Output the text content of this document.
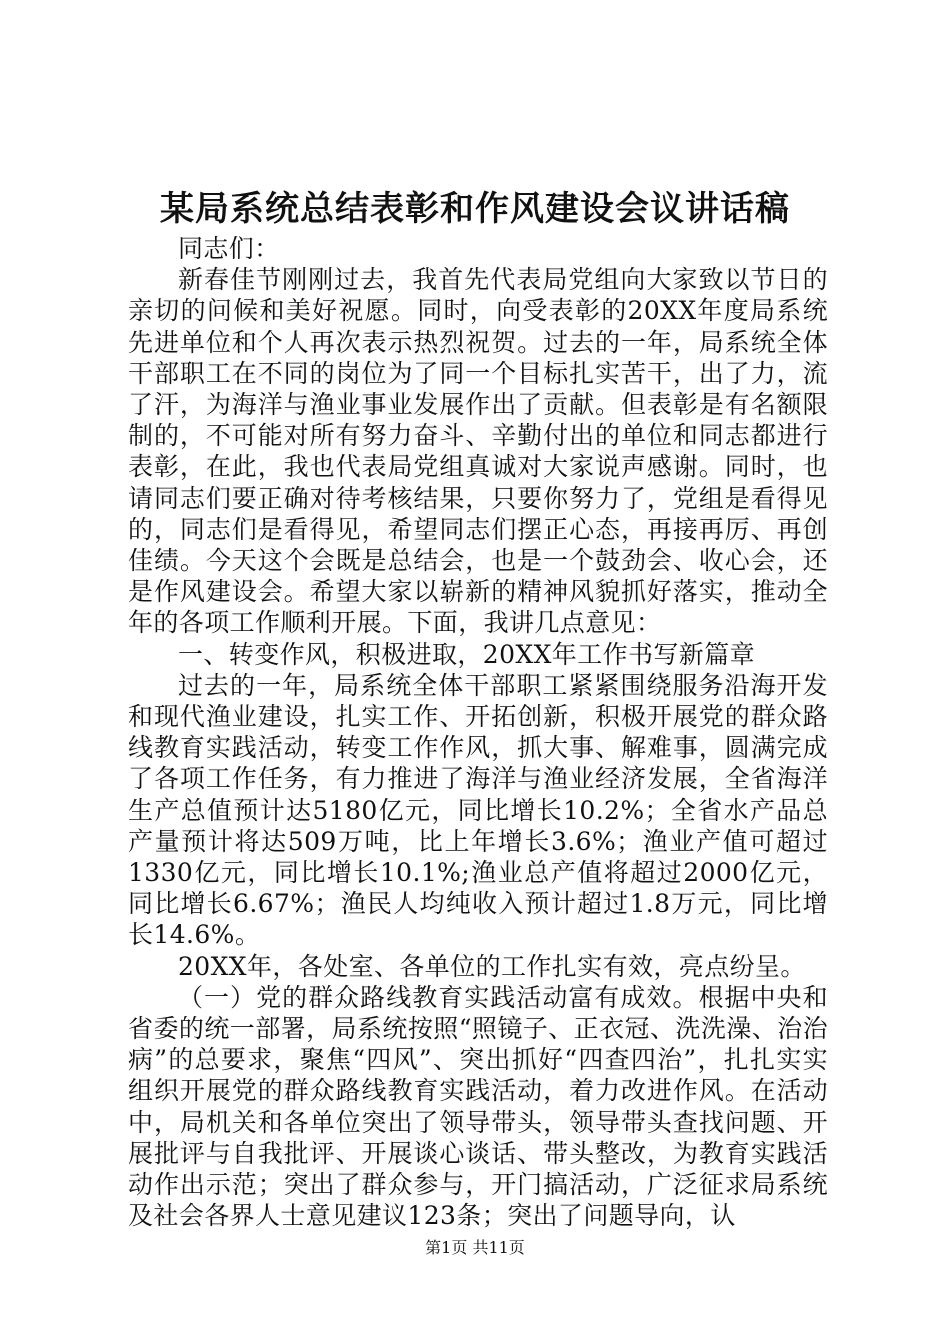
某局系统总结表彰和作风建设会议讲话稿

同志们：

新春佳节刚刚过去，我首先代表局党组向大家致以节日的亲切的问候和美好祝愿。同时，向受表彰的20XX年度局系统先进单位和个人再次表示热烈祝贺。过去的一年，局系统全体干部职工在不同的岗位为了同一个目标扎实苦干，出了力，流了汗，为海洋与渔业事业发展作出了贡献。但表彰是有名额限制的，不可能对所有努力奋斗、辛勤付出的单位和同志都进行表彰，在此，我也代表局党组真诚对大家说声感谢。同时，也请同志们要正确对待考核结果，只要你努力了，党组是看得见的，同志们是看得见，希望同志们摆正心态，再接再厉、再创佳绩。今天这个会既是总结会，也是一个鼓劲会、收心会，还是作风建设会。希望大家以崭新的精神风貌抓好落实，推动全年的各项工作顺利开展。下面，我讲几点意见：

一、转变作风，积极进取，20XX年工作书写新篇章

过去的一年，局系统全体干部职工紧紧围绕服务沿海开发和现代渔业建设，扎实工作、开拓创新，积极开展党的群众路线教育实践活动，转变工作作风，抓大事、解难事，圆满完成了各项工作任务，有力推进了海洋与渔业经济发展，全省海洋生产总值预计达5180亿元，同比增长10.2%；全省水产品总产量预计将达509万吨，比上年增长3.6%；渔业产值可超过1330亿元，同比增长10.1%;渔业总产值将超过2000亿元，同比增长6.67%；渔民人均纯收入预计超过1.8万元，同比增长14.6%。

20XX年，各处室、各单位的工作扎实有效，亮点纷呈。

（一）党的群众路线教育实践活动富有成效。根据中央和省委的统一部署，局系统按照“照镜子、正衣冠、洗洗澡、治治病”的总要求，聚焦“四风”、突出抓好“四查四治”，扎扎实实组织开展党的群众路线教育实践活动，着力改进作风。在活动中，局机关和各单位突出了领导带头，领导带头查找问题、开展批评与自我批评、开展谈心谈话、带头整改，为教育实践活动作出示范；突出了群众参与，开门搞活动，广泛征求局系统及社会各界人士意见建议123条；突出了问题导向，认

第1页 共11页
